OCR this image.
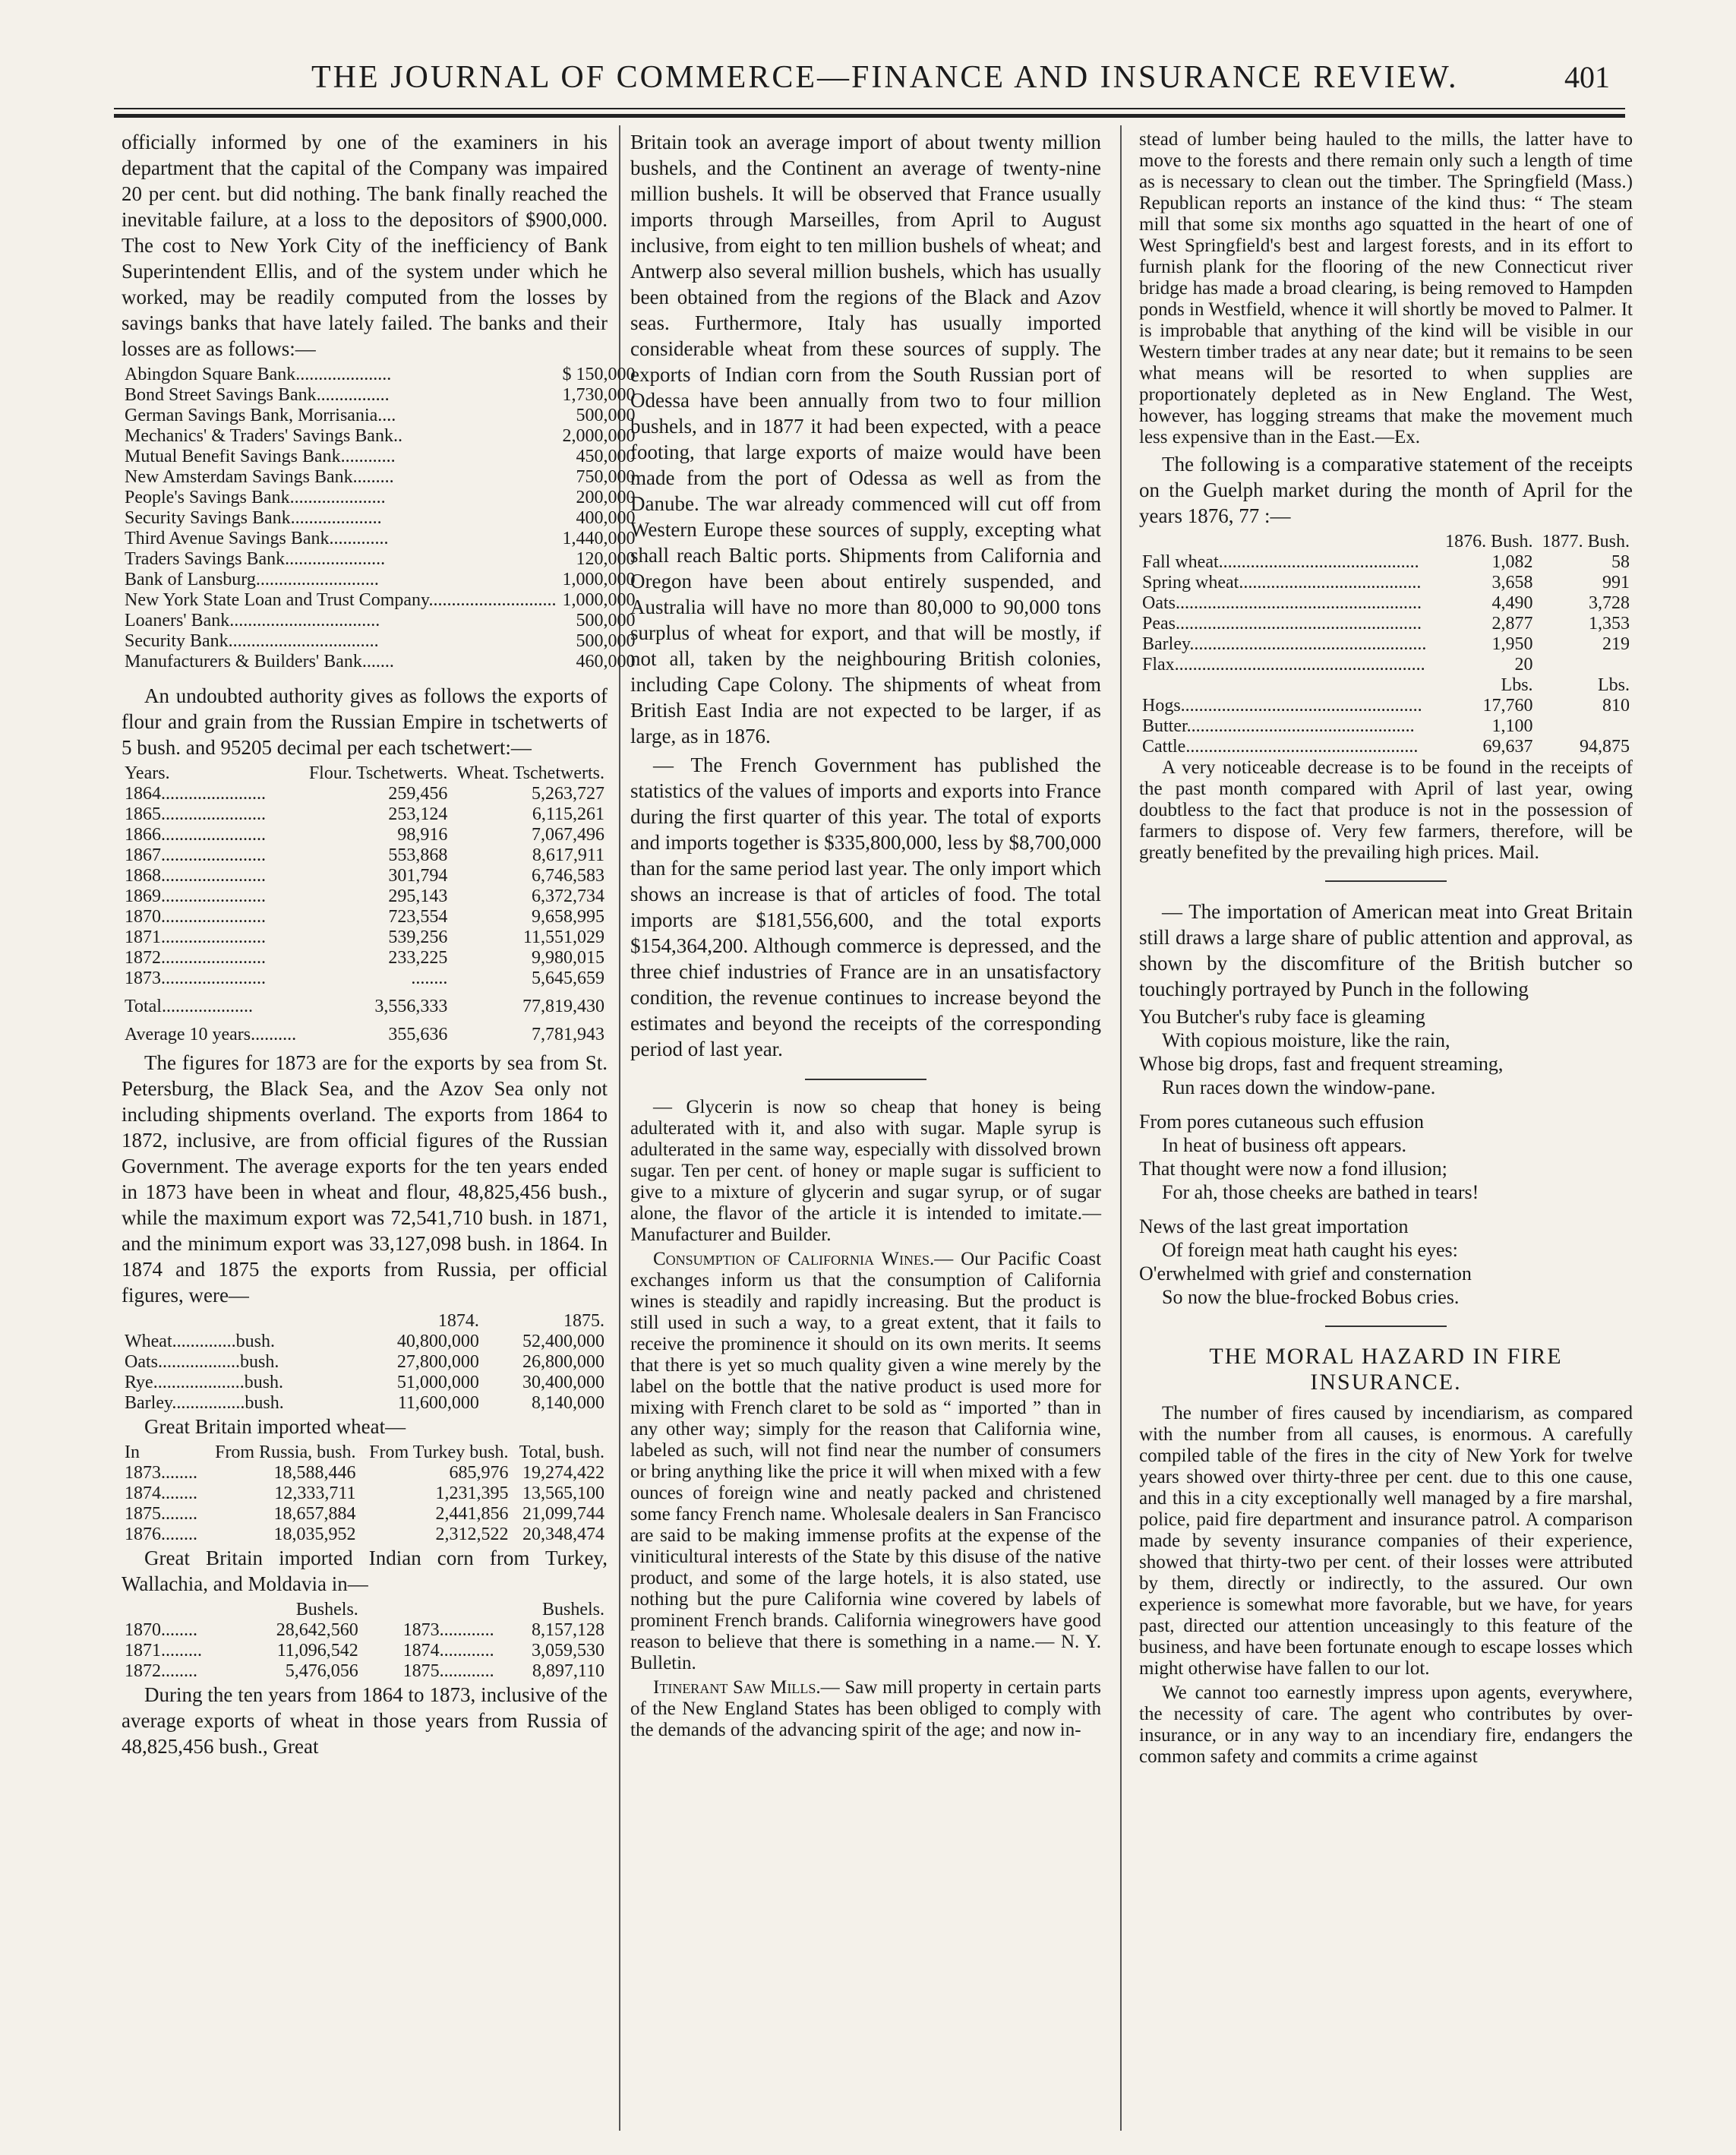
THE JOURNAL OF COMMERCE—FINANCE AND INSURANCE REVIEW.	401

officially informed by one of the examiners in his department that the capital of the Company was impaired 20 per cent. but did nothing. The bank finally reached the inevitable failure, at a loss to the depositors of $900,000. The cost to New York City of the inefficiency of Bank Superintendent Ellis, and of the system under which he worked, may be readily computed from the losses by savings banks that have lately failed. The banks and their losses are as follows:—

Abingdon Square Bank.....................	$ 150,000
Bond Street Savings Bank................	1,730,000
German Savings Bank, Morrisania....	500,000
Mechanics' & Traders' Savings Bank..	2,000,000
Mutual Benefit Savings Bank............	450,000
New Amsterdam Savings Bank.........	750,000
People's Savings Bank.....................	200,000
Security Savings Bank....................	400,000
Third Avenue Savings Bank.............	1,440,000
Traders Savings Bank......................	120,000
Bank of Lansburg...........................	1,000,000
New York State Loan and Trust Company............................	1,000,000
Loaners' Bank.................................	500,000
Security Bank.................................	500,000
Manufacturers & Builders' Bank.......	460,000

An undoubted authority gives as follows the exports of flour and grain from the Russian Empire in tschetwerts of 5 bush. and 95205 decimal per each tschetwert:—

Years.	Flour. Tschetwerts.	Wheat. Tschetwerts.
1864.......................	259,456	5,263,727
1865.......................	253,124	6,115,261
1866.......................	98,916	7,067,496
1867.......................	553,868	8,617,911
1868.......................	301,794	6,746,583
1869.......................	295,143	6,372,734
1870.......................	723,554	9,658,995
1871.......................	539,256	11,551,029
1872.......................	233,225	9,980,015
1873.......................	........	5,645,659
Total....................	3,556,333	77,819,430
Average 10 years..........	355,636	7,781,943

The figures for 1873 are for the exports by sea from St. Petersburg, the Black Sea, and the Azov Sea only not including shipments overland. The exports from 1864 to 1872, inclusive, are from official figures of the Russian Government. The average exports for the ten years ended in 1873 have been in wheat and flour, 48,825,456 bush., while the maximum export was 72,541,710 bush. in 1871, and the minimum export was 33,127,098 bush. in 1864. In 1874 and 1875 the exports from Russia, per official figures, were—

	1874.	1875.
Wheat..............bush.	40,800,000	52,400,000
Oats..................bush.	27,800,000	26,800,000
Rye....................bush.	51,000,000	30,400,000
Barley................bush.	11,600,000	8,140,000

Great Britain imported wheat—

In	From Russia, bush.	From Turkey bush.	Total, bush.
1873........	18,588,446	685,976	19,274,422
1874........	12,333,711	1,231,395	13,565,100
1875........	18,657,884	2,441,856	21,099,744
1876........	18,035,952	2,312,522	20,348,474

Great Britain imported Indian corn from Turkey, Wallachia, and Moldavia in—

	Bushels.		Bushels.
1870........	28,642,560	1873............	8,157,128
1871.........	11,096,542	1874............	3,059,530
1872........	5,476,056	1875............	8,897,110

During the ten years from 1864 to 1873, inclusive of the average exports of wheat in those years from Russia of 48,825,456 bush., Great

Britain took an average import of about twenty million bushels, and the Continent an average of twenty-nine million bushels. It will be observed that France usually imports through Marseilles, from April to August inclusive, from eight to ten million bushels of wheat; and Antwerp also several million bushels, which has usually been obtained from the regions of the Black and Azov seas. Furthermore, Italy has usually imported considerable wheat from these sources of supply. The exports of Indian corn from the South Russian port of Odessa have been annually from two to four million bushels, and in 1877 it had been expected, with a peace footing, that large exports of maize would have been made from the port of Odessa as well as from the Danube. The war already commenced will cut off from Western Europe these sources of supply, excepting what shall reach Baltic ports. Shipments from California and Oregon have been about entirely suspended, and Australia will have no more than 80,000 to 90,000 tons surplus of wheat for export, and that will be mostly, if not all, taken by the neighbouring British colonies, including Cape Colony. The shipments of wheat from British East India are not expected to be larger, if as large, as in 1876.

— The French Government has published the statistics of the values of imports and exports into France during the first quarter of this year. The total of exports and imports together is $335,800,000, less by $8,700,000 than for the same period last year. The only import which shows an increase is that of articles of food. The total imports are $181,556,600, and the total exports $154,364,200. Although commerce is depressed, and the three chief industries of France are in an unsatisfactory condition, the revenue continues to increase beyond the estimates and beyond the receipts of the corresponding period of last year.

— Glycerin is now so cheap that honey is being adulterated with it, and also with sugar. Maple syrup is adulterated in the same way, especially with dissolved brown sugar. Ten per cent. of honey or maple sugar is sufficient to give to a mixture of glycerin and sugar syrup, or of sugar alone, the flavor of the article it is intended to imitate.—Manufacturer and Builder.

Consumption of California Wines.— Our Pacific Coast exchanges inform us that the consumption of California wines is steadily and rapidly increasing. But the product is still used in such a way, to a great extent, that it fails to receive the prominence it should on its own merits. It seems that there is yet so much quality given a wine merely by the label on the bottle that the native product is used more for mixing with French claret to be sold as “ imported ” than in any other way; simply for the reason that California wine, labeled as such, will not find near the number of consumers or bring anything like the price it will when mixed with a few ounces of foreign wine and neatly packed and christened some fancy French name. Wholesale dealers in San Francisco are said to be making immense profits at the expense of the viniticultural interests of the State by this disuse of the native product, and some of the large hotels, it is also stated, use nothing but the pure California wine covered by labels of prominent French brands. California winegrowers have good reason to believe that there is something in a name.— N. Y. Bulletin.

Itinerant Saw Mills.— Saw mill property in certain parts of the New England States has been obliged to comply with the demands of the advancing spirit of the age; and now in-

stead of lumber being hauled to the mills, the latter have to move to the forests and there remain only such a length of time as is necessary to clean out the timber. The Springfield (Mass.) Republican reports an instance of the kind thus: “ The steam mill that some six months ago squatted in the heart of one of West Springfield's best and largest forests, and in its effort to furnish plank for the flooring of the new Connecticut river bridge has made a broad clearing, is being removed to Hampden ponds in Westfield, whence it will shortly be moved to Palmer. It is improbable that anything of the kind will be visible in our Western timber trades at any near date; but it remains to be seen what means will be resorted to when supplies are proportionately depleted as in New England. The West, however, has logging streams that make the movement much less expensive than in the East.—Ex.

The following is a comparative statement of the receipts on the Guelph market during the month of April for the years 1876, 77 :—

	1876. Bush.	1877. Bush.
Fall wheat............................................	1,082	58
Spring wheat........................................	3,658	991
Oats......................................................	4,490	3,728
Peas......................................................	2,877	1,353
Barley....................................................	1,950	219
Flax.......................................................	20	
	Lbs.	Lbs.
Hogs.....................................................	17,760	810
Butter..................................................	1,100	
Cattle...................................................	69,637	94,875

A very noticeable decrease is to be found in the receipts of the past month compared with April of last year, owing doubtless to the fact that produce is not in the possession of farmers to dispose of. Very few farmers, therefore, will be greatly benefited by the prevailing high prices. Mail.

— The importation of American meat into Great Britain still draws a large share of public attention and approval, as shown by the discomfiture of the British butcher so touchingly portrayed by Punch in the following

You Butcher's ruby face is gleaming

With copious moisture, like the rain,

Whose big drops, fast and frequent streaming,

Run races down the window-pane.

From pores cutaneous such effusion

In heat of business oft appears.

That thought were now a fond illusion;

For ah, those cheeks are bathed in tears!

News of the last great importation

Of foreign meat hath caught his eyes:

O'erwhelmed with grief and consternation

So now the blue-frocked Bobus cries.

THE MORAL HAZARD IN FIRE INSURANCE.

The number of fires caused by incendiarism, as compared with the number from all causes, is enormous. A carefully compiled table of the fires in the city of New York for twelve years showed over thirty-three per cent. due to this one cause, and this in a city exceptionally well managed by a fire marshal, police, paid fire department and insurance patrol. A comparison made by seventy insurance companies of their experience, showed that thirty-two per cent. of their losses were attributed by them, directly or indirectly, to the assured. Our own experience is somewhat more favorable, but we have, for years past, directed our attention unceasingly to this feature of the business, and have been fortunate enough to escape losses which might otherwise have fallen to our lot.

We cannot too earnestly impress upon agents, everywhere, the necessity of care. The agent who contributes by over-insurance, or in any way to an incendiary fire, endangers the common safety and commits a crime against
